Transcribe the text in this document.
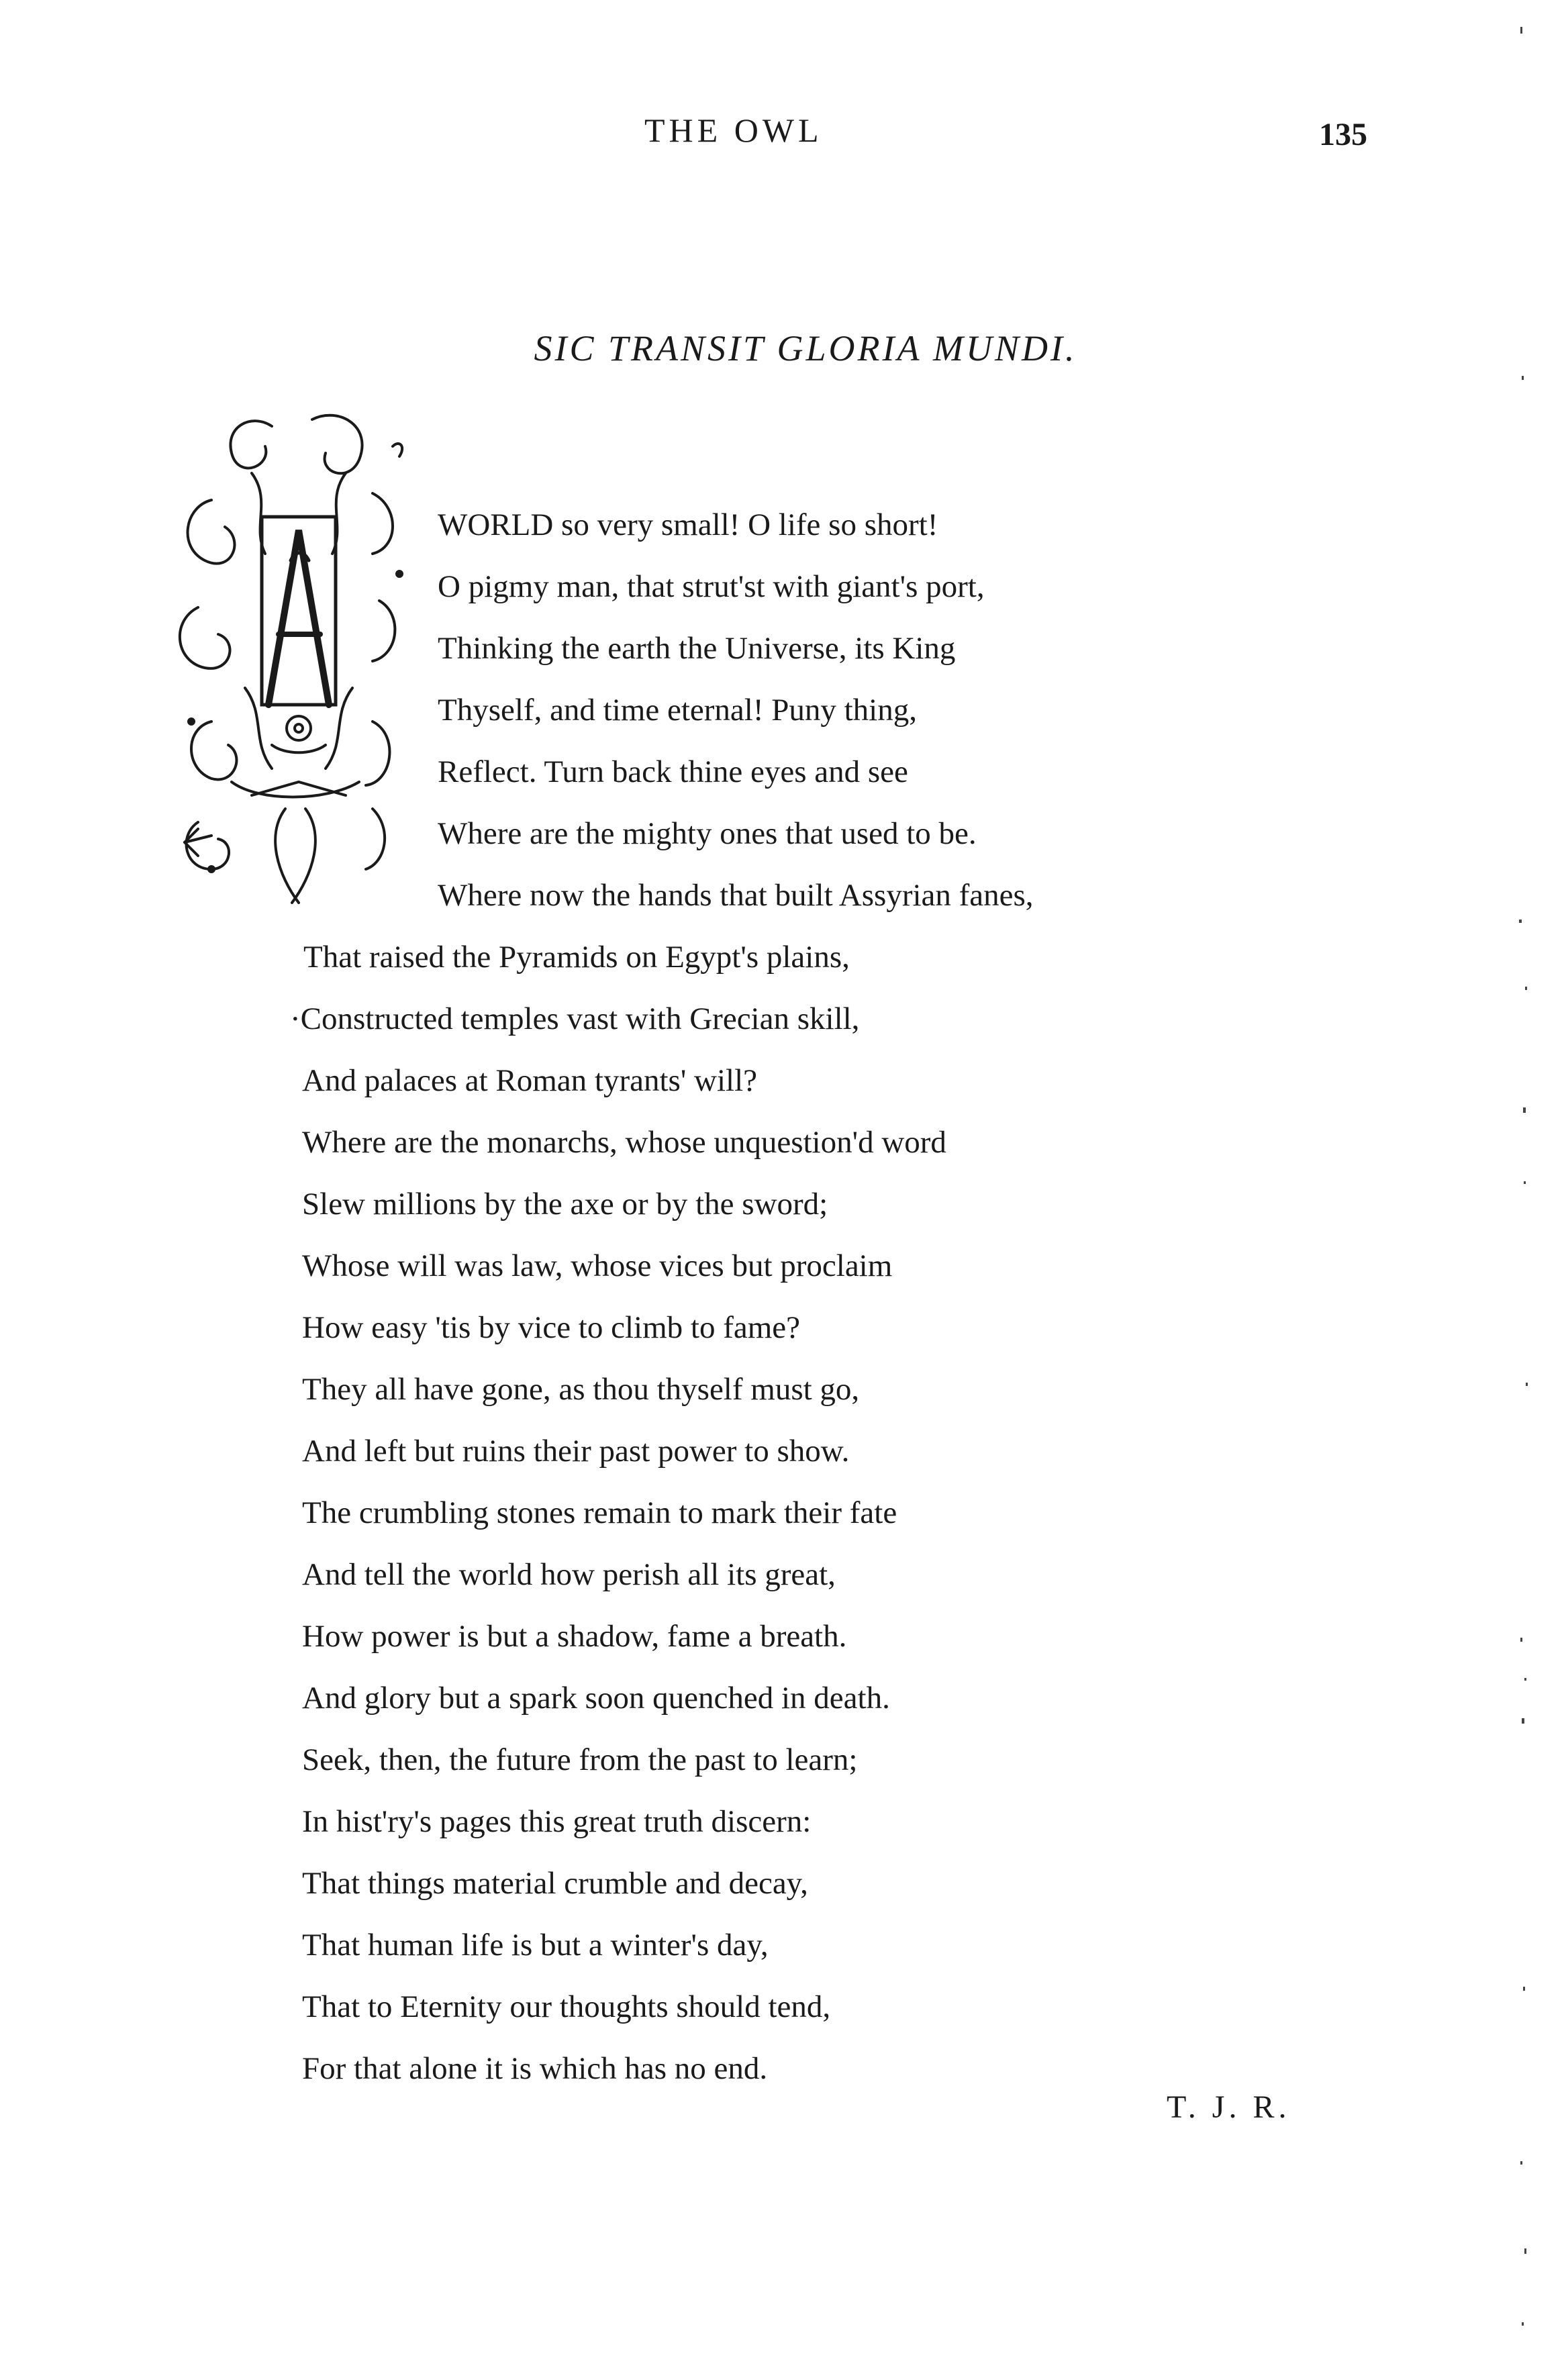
THE OWL	135
SIC TRANSIT GLORIA MUNDI.
WORLD so very small! O life so short!
O pigmy man, that strut'st with giant's port,
Thinking the earth the Universe, its King
Thyself, and time eternal! Puny thing,
Reflect. Turn back thine eyes and see
Where are the mighty ones that used to be.
Where now the hands that built Assyrian fanes,
That raised the Pyramids on Egypt's plains,
·Constructed temples vast with Grecian skill,
And palaces at Roman tyrants' will?
Where are the monarchs, whose unquestion'd word
Slew millions by the axe or by the sword;
Whose will was law, whose vices but proclaim
How easy 'tis by vice to climb to fame?
They all have gone, as thou thyself must go,
And left but ruins their past power to show.
The crumbling stones remain to mark their fate
And tell the world how perish all its great,
How power is but a shadow, fame a breath.
And glory but a spark soon quenched in death.
Seek, then, the future from the past to learn;
In hist'ry's pages this great truth discern:
That things material crumble and decay,
That human life is but a winter's day,
That to Eternity our thoughts should tend,
For that alone it is which has no end.
T. J. R.
